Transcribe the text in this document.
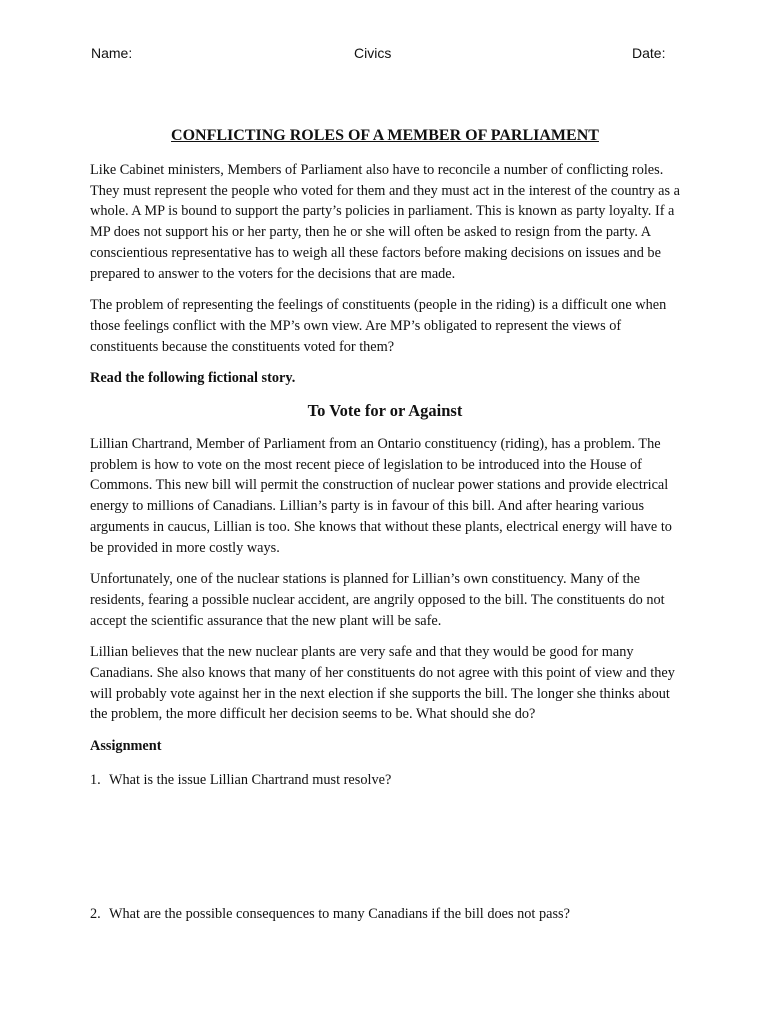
Name:	Civics	Date:
CONFLICTING ROLES OF A MEMBER OF PARLIAMENT

Like Cabinet ministers, Members of Parliament also have to reconcile a number of conflicting roles. They must represent the people who voted for them and they must act in the interest of the country as a whole. A MP is bound to support the party’s policies in parliament. This is known as party loyalty. If a MP does not support his or her party, then he or she will often be asked to resign from the party. A conscientious representative has to weigh all these factors before making decisions on issues and be prepared to answer to the voters for the decisions that are made.

The problem of representing the feelings of constituents (people in the riding) is a difficult one when those feelings conflict with the MP’s own view. Are MP’s obligated to represent the views of constituents because the constituents voted for them?

Read the following fictional story.
To Vote for or Against

Lillian Chartrand, Member of Parliament from an Ontario constituency (riding), has a problem. The problem is how to vote on the most recent piece of legislation to be introduced into the House of Commons. This new bill will permit the construction of nuclear power stations and provide electrical energy to millions of Canadians. Lillian’s party is in favour of this bill. And after hearing various arguments in caucus, Lillian is too. She knows that without these plants, electrical energy will have to be provided in more costly ways.

Unfortunately, one of the nuclear stations is planned for Lillian’s own constituency. Many of the residents, fearing a possible nuclear accident, are angrily opposed to the bill. The constituents do not accept the scientific assurance that the new plant will be safe.

Lillian believes that the new nuclear plants are very safe and that they would be good for many Canadians. She also knows that many of her constituents do not agree with this point of view and they will probably vote against her in the next election if she supports the bill. The longer she thinks about the problem, the more difficult her decision seems to be. What should she do?

Assignment
1. What is the issue Lillian Chartrand must resolve?
2. What are the possible consequences to many Canadians if the bill does not pass?
